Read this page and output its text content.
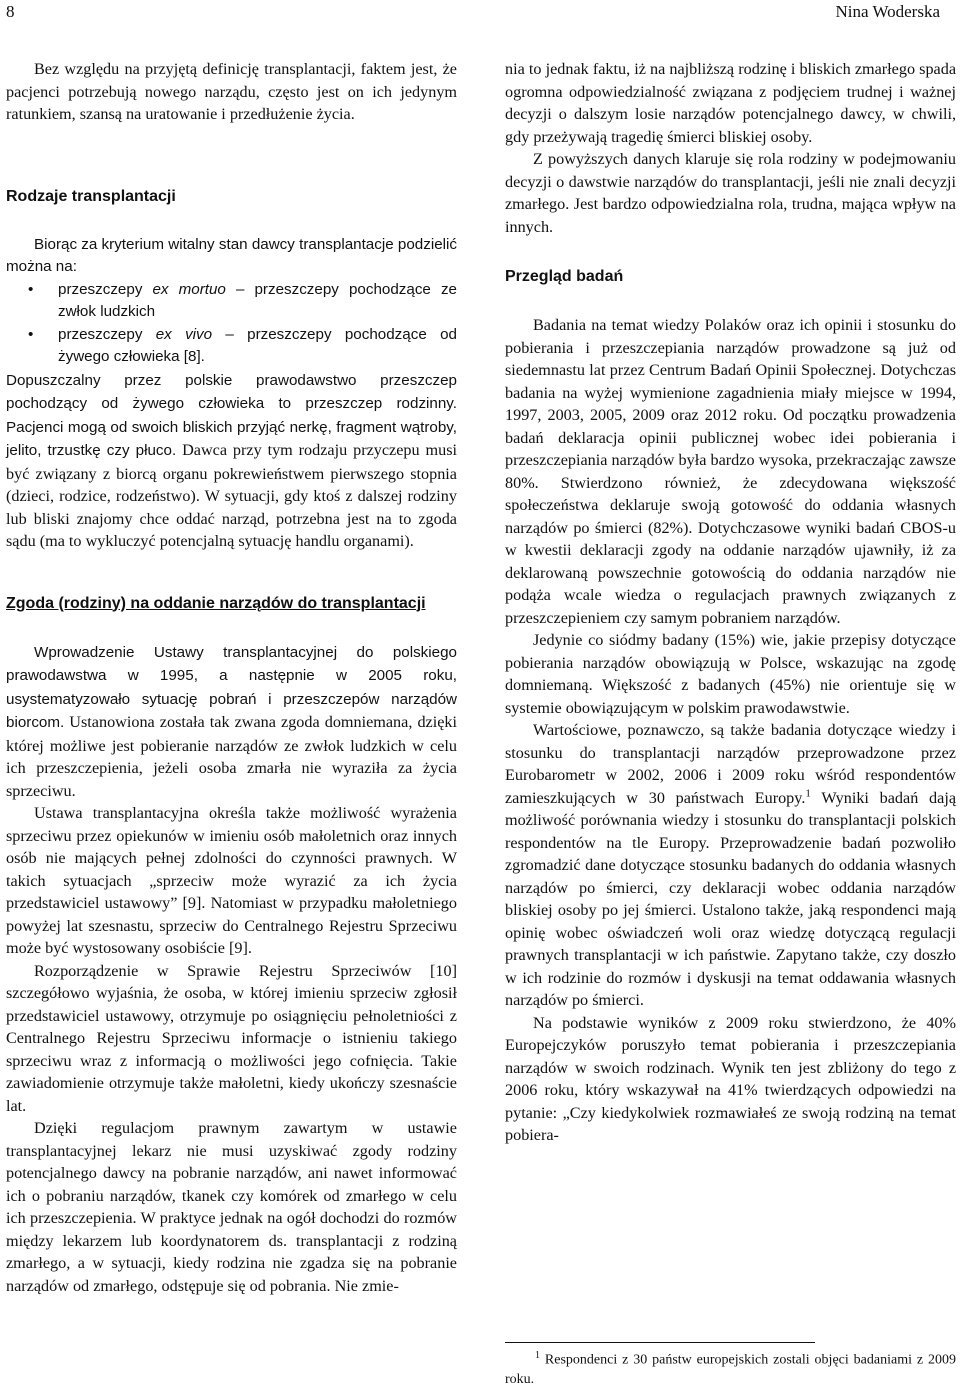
8	Nina Woderska

Bez względu na przyjętą definicję transplantacji, faktem jest, że pacjenci potrzebują nowego narządu, często jest on ich jedynym ratunkiem, szansą na uratowanie i przedłużenie życia.

Rodzaje transplantacji

Biorąc za kryterium witalny stan dawcy transplantacje podzielić można na:

• przeszczepy ex mortuo – przeszczepy pochodzące ze zwłok ludzkich
• przeszczepy ex vivo – przeszczepy pochodzące od żywego człowieka [8].

Dopuszczalny przez polskie prawodawstwo przeszczep pochodzący od żywego człowieka to przeszczep rodzinny. Pacjenci mogą od swoich bliskich przyjąć nerkę, fragment wątroby, jelito, trzustkę czy płuco. Dawca przy tym rodzaju przyczepu musi być związany z biorcą organu pokrewieństwem pierwszego stopnia (dzieci, rodzice, rodzeństwo). W sytuacji, gdy ktoś z dalszej rodziny lub bliski znajomy chce oddać narząd, potrzebna jest na to zgoda sądu (ma to wykluczyć potencjalną sytuację handlu organami).

Zgoda (rodziny) na oddanie narządów do transplantacji

Wprowadzenie Ustawy transplantacyjnej do polskiego prawodawstwa w 1995, a następnie w 2005 roku, usystematyzowało sytuację pobrań i przeszczepów narządów biorcom. Ustanowiona została tak zwana zgoda domniemana, dzięki której możliwe jest pobieranie narządów ze zwłok ludzkich w celu ich przeszczepienia, jeżeli osoba zmarła nie wyraziła za życia sprzeciwu.

Ustawa transplantacyjna określa także możliwość wyrażenia sprzeciwu przez opiekunów w imieniu osób małoletnich oraz innych osób nie mających pełnej zdolności do czynności prawnych. W takich sytuacjach „sprzeciw może wyrazić za ich życia przedstawiciel ustawowy” [9]. Natomiast w przypadku małoletniego powyżej lat szesnastu, sprzeciw do Centralnego Rejestru Sprzeciwu może być wystosowany osobiście [9].

Rozporządzenie w Sprawie Rejestru Sprzeciwów [10] szczegółowo wyjaśnia, że osoba, w której imieniu sprzeciw zgłosił przedstawiciel ustawowy, otrzymuje po osiągnięciu pełnoletniości z Centralnego Rejestru Sprzeciwu informacje o istnieniu takiego sprzeciwu wraz z informacją o możliwości jego cofnięcia. Takie zawiadomienie otrzymuje także małoletni, kiedy ukończy szesnaście lat.

Dzięki regulacjom prawnym zawartym w ustawie transplantacyjnej lekarz nie musi uzyskiwać zgody rodziny potencjalnego dawcy na pobranie narządów, ani nawet informować ich o pobraniu narządów, tkanek czy komórek od zmarłego w celu ich przeszczepienia. W praktyce jednak na ogół dochodzi do rozmów między lekarzem lub koordynatorem ds. transplantacji z rodziną zmarłego, a w sytuacji, kiedy rodzina nie zgadza się na pobranie narządów od zmarłego, odstępuje się od pobrania. Nie zmie-

nia to jednak faktu, iż na najbliższą rodzinę i bliskich zmarłego spada ogromna odpowiedzialność związana z podjęciem trudnej i ważnej decyzji o dalszym losie narządów potencjalnego dawcy, w chwili, gdy przeżywają tragedię śmierci bliskiej osoby.

Z powyższych danych klaruje się rola rodziny w podejmowaniu decyzji o dawstwie narządów do transplantacji, jeśli nie znali decyzji zmarłego. Jest bardzo odpowiedzialna rola, trudna, mająca wpływ na innych.

Przegląd badań

Badania na temat wiedzy Polaków oraz ich opinii i stosunku do pobierania i przeszczepiania narządów prowadzone są już od siedemnastu lat przez Centrum Badań Opinii Społecznej. Dotychczas badania na wyżej wymienione zagadnienia miały miejsce w 1994, 1997, 2003, 2005, 2009 oraz 2012 roku. Od początku prowadzenia badań deklaracja opinii publicznej wobec idei pobierania i przeszczepiania narządów była bardzo wysoka, przekraczając zawsze 80%. Stwierdzono również, że zdecydowana większość społeczeństwa deklaruje swoją gotowość do oddania własnych narządów po śmierci (82%). Dotychczasowe wyniki badań CBOS-u w kwestii deklaracji zgody na oddanie narządów ujawniły, iż za deklarowaną powszechnie gotowością do oddania narządów nie podąża wcale wiedza o regulacjach prawnych związanych z przeszczepieniem czy samym pobraniem narządów.

Jedynie co siódmy badany (15%) wie, jakie przepisy dotyczące pobierania narządów obowiązują w Polsce, wskazując na zgodę domniemaną. Większość z badanych (45%) nie orientuje się w systemie obowiązującym w polskim prawodawstwie.

Wartościowe, poznawczo, są także badania dotyczące wiedzy i stosunku do transplantacji narządów przeprowadzone przez Eurobarometr w 2002, 2006 i 2009 roku wśród respondentów zamieszkujących w 30 państwach Europy.$^1$ Wyniki badań dają możliwość porównania wiedzy i stosunku do transplantacji polskich respondentów na tle Europy. Przeprowadzenie badań pozwoliło zgromadzić dane dotyczące stosunku badanych do oddania własnych narządów po śmierci, czy deklaracji wobec oddania narządów bliskiej osoby po jej śmierci. Ustalono także, jaką respondenci mają opinię wobec oświadczeń woli oraz wiedzę dotyczącą regulacji prawnych transplantacji w ich państwie. Zapytano także, czy doszło w ich rodzinie do rozmów i dyskusji na temat oddawania własnych narządów po śmierci.

Na podstawie wyników z 2009 roku stwierdzono, że 40% Europejczyków poruszyło temat pobierania i przeszczepiania narządów w swoich rodzinach. Wynik ten jest zbliżony do tego z 2006 roku, który wskazywał na 41% twierdzących odpowiedzi na pytanie: „Czy kiedykolwiek rozmawiałeś ze swoją rodziną na temat pobiera-

$^1$ Respondenci z 30 państw europejskich zostali objęci badaniami z 2009 roku.
